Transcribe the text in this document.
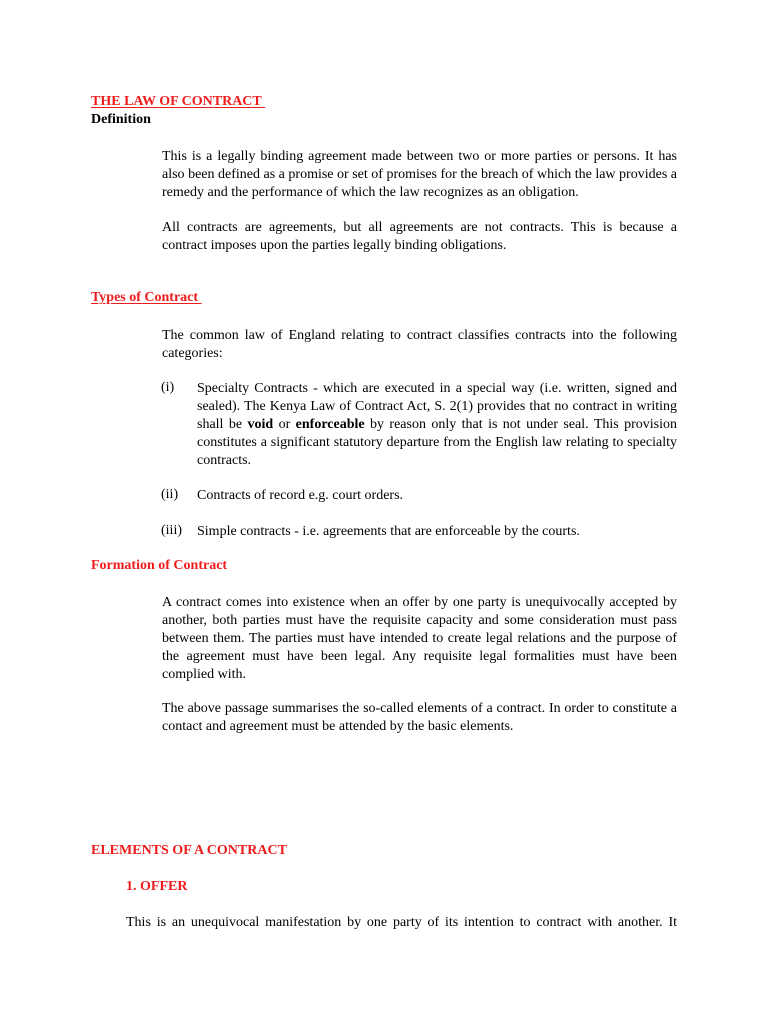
THE LAW OF CONTRACT
Definition
This is a legally binding agreement made between two or more parties or persons. It has also been defined as a promise or set of promises for the breach of which the law provides a remedy and the performance of which the law recognizes as an obligation.
All contracts are agreements, but all agreements are not contracts. This is because a contract imposes upon the parties legally binding obligations.
Types of Contract
The common law of England relating to contract classifies contracts into the following categories:
(i) Specialty Contracts - which are executed in a special way (i.e. written, signed and sealed). The Kenya Law of Contract Act, S. 2(1) provides that no contract in writing shall be void or enforceable by reason only that is not under seal. This provision constitutes a significant statutory departure from the English law relating to specialty contracts.
(ii) Contracts of record e.g. court orders.
(iii) Simple contracts - i.e. agreements that are enforceable by the courts.
Formation of Contract
A contract comes into existence when an offer by one party is unequivocally accepted by another, both parties must have the requisite capacity and some consideration must pass between them. The parties must have intended to create legal relations and the purpose of the agreement must have been legal. Any requisite legal formalities must have been complied with.
The above passage summarises the so-called elements of a contract. In order to constitute a contact and agreement must be attended by the basic elements.
ELEMENTS OF A CONTRACT
1. OFFER
This is an unequivocal manifestation by one party of its intention to contract with another. It
